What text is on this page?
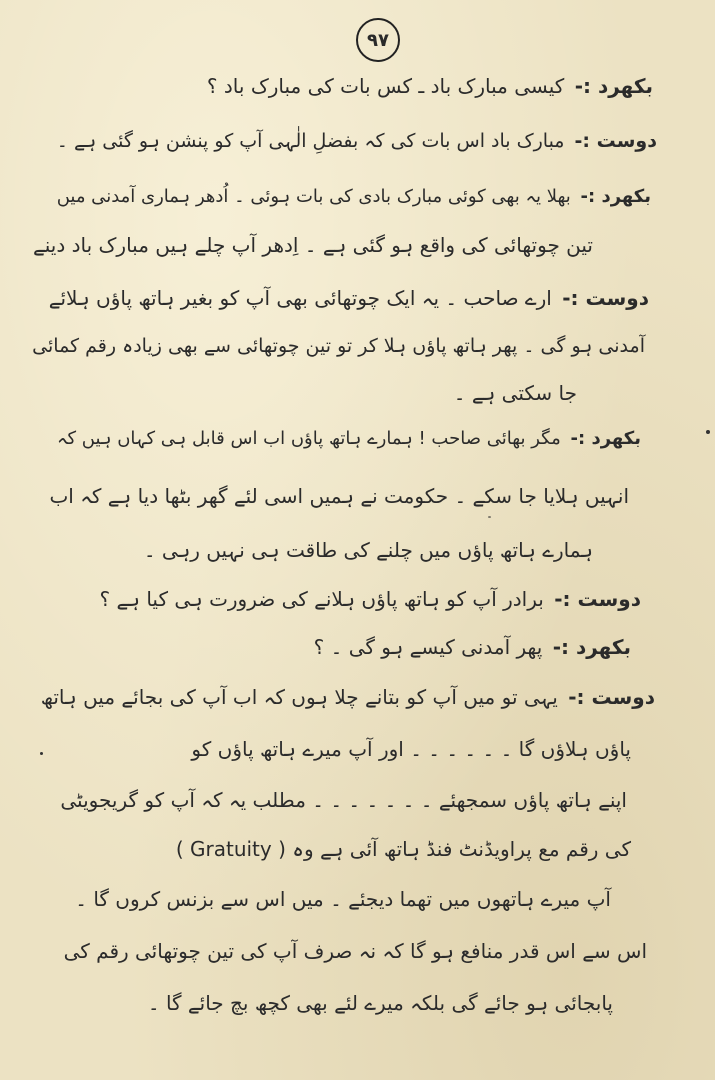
۹۷
بکھرد :- کیسی مبارک باد ـ کس بات کی مبارک باد ؟
دوست :- مبارک باد اس بات کی کہ بفضلِ الٰہی آپ کو پنشن ہو گئی ہے ۔
بکھرد :- بھلا یہ بھی کوئی مبارک بادی کی بات ہوئی ۔ اُدھر ہماری آمدنی میں
تین چوتھائی کی واقع ہو گئی ہے ۔ اِدھر آپ چلے ہیں مبارک باد دینے
دوست :- ارے صاحب ۔ یہ ایک چوتھائی بھی آپ کو بغیر ہاتھ پاؤں ہلائے
آمدنی ہو گی ۔ پھر ہاتھ پاؤں ہلا کر تو تین چوتھائی سے بھی زیادہ رقم کمائی
جا سکتی ہے ۔
بکھرد :- مگر بھائی صاحب ! ہمارے ہاتھ پاؤں اب اس قابل ہی کہاں ہیں کہ
انہیں ہلایا جا سکے ۔ حکومت نے ہمیں اسی لئے گھر بٹھا دیا ہے کہ اب
ہمارے ہاتھ پاؤں میں چلنے کی طاقت ہی نہیں رہی ۔
دوست :- برادر آپ کو ہاتھ پاؤں ہلانے کی ضرورت ہی کیا ہے ؟
بکھرد :- پھر آمدنی کیسے ہو گی ۔ ؟
دوست :- یہی تو میں آپ کو بتانے چلا ہوں کہ اب آپ کی بجائے میں ہاتھ
پاؤں ہلاؤں گا ۔ ۔ ۔ ۔ ۔ ۔ اور آپ میرے ہاتھ پاؤں کو
اپنے ہاتھ پاؤں سمجھئے ۔ ۔ ۔ ۔ ۔ ۔ ۔ مطلب یہ کہ آپ کو گریجویٹی
( Gratuity ) کی رقم مع پراویڈنٹ فنڈ ہاتھ آئی ہے وہ
آپ میرے ہاتھوں میں تھما دیجئے ۔ میں اس سے بزنس کروں گا ۔
اس سے اس قدر منافع ہو گا کہ نہ صرف آپ کی تین چوتھائی رقم کی
پابجائی ہو جائے گی بلکہ میرے لئے بھی کچھ بچ جائے گا ۔
